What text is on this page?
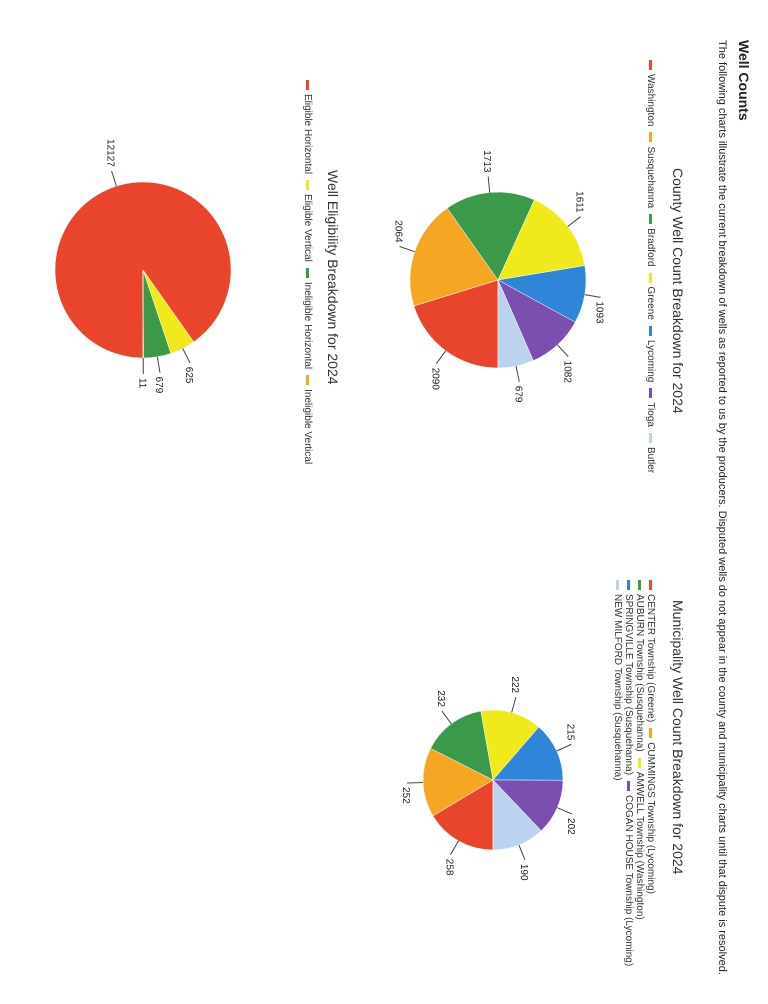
Well Counts
The following charts illustrate the current breakdown of wells as reported to us by the producers. Disputed wells do not appear in the county and municipality charts until that dispute is resolved.
County Well Count Breakdown for 2024
WashingtonSusquehannaBradfordGreeneLycomingTiogaButler
2090
2064
1713
1611
1093
1082
679
Municipality Well Count Breakdown for 2024
CENTER Township (Greene)CUMMINGS Township (Lycoming)AUBURN Township (Susquehanna)AMWELL Township (Washington)SPRINGVILLE Township (Susquehanna)COGAN HOUSE Township (Lycoming)NEW MILFORD Township (Susquehanna)
258
252
232
222
215
202
190
Well Eligibility Breakdown for 2024
Eligible HorizontalEligible VerticalIneligible HorizontalIneligible Vertical
12127
625
679
11
